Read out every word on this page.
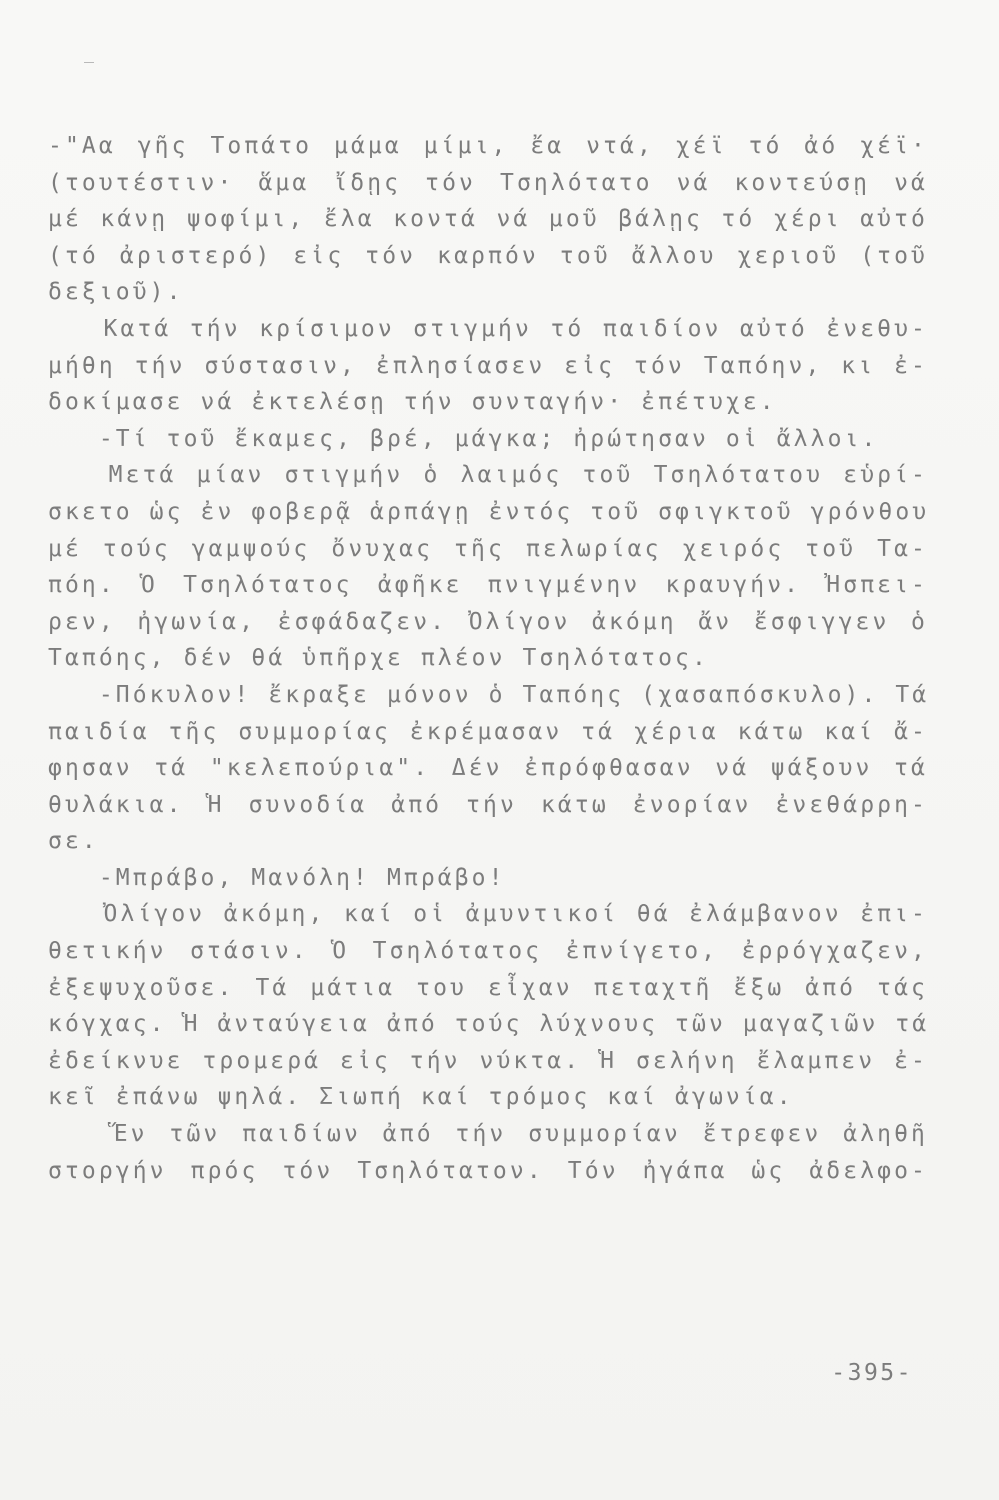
-"Αα γῆς Τοπάτο μάμα μίμι, ἔα ντά, χέϊ τό ἀό χέϊ·
(τουτέστιν· ἅμα ἴδῃς τόν Τσηλότατο νά κοντεύσῃ νά
μέ κάνῃ ψοφίμι, ἔλα κοντά νά μοῦ βάλῃς τό χέρι αὐτό
(τό ἀριστερό) εἰς τόν καρπόν τοῦ ἄλλου χεριοῦ (τοῦ
δεξιοῦ).
Κατά τήν κρίσιμον στιγμήν τό παιδίον αὐτό ἐνεθυ-
μήθη τήν σύστασιν, ἐπλησίασεν εἰς τόν Ταπόην, κι ἐ-
δοκίμασε νά ἐκτελέσῃ τήν συνταγήν· ἐπέτυχε.
-Τί τοῦ ἔκαμες, βρέ, μάγκα; ἠρώτησαν οἱ ἄλλοι.
Μετά μίαν στιγμήν ὁ λαιμός τοῦ Τσηλότατου εὑρί-
σκετο ὡς ἐν φοβερᾷ ἁρπάγῃ ἐντός τοῦ σφιγκτοῦ γρόνθου
μέ τούς γαμψούς ὄνυχας τῆς πελωρίας χειρός τοῦ Τα-
πόη. Ὁ Τσηλότατος ἀφῆκε πνιγμένην κραυγήν. Ἠσπει-
ρεν, ἠγωνία, ἐσφάδαζεν. Ὀλίγον ἀκόμη ἄν ἔσφιγγεν ὁ
Ταπόης, δέν θά ὑπῆρχε πλέον Τσηλότατος.
-Πόκυλον! ἔκραξε μόνον ὁ Ταπόης (χασαπόσκυλο). Τά
παιδία τῆς συμμορίας ἐκρέμασαν τά χέρια κάτω καί ἄ-
φησαν τά "κελεπούρια". Δέν ἐπρόφθασαν νά ψάξουν τά
θυλάκια. Ἡ συνοδία ἀπό τήν κάτω ἐνορίαν ἐνεθάρρη-
σε.
-Μπράβο, Μανόλη! Μπράβο!
Ὀλίγον ἀκόμη, καί οἱ ἀμυντικοί θά ἐλάμβανον ἐπι-
θετικήν στάσιν. Ὁ Τσηλότατος ἐπνίγετο, ἐρρόγχαζεν,
ἐξεψυχοῦσε. Τά μάτια του εἶχαν πεταχτῆ ἔξω ἀπό τάς
κόγχας. Ἡ ἀνταύγεια ἀπό τούς λύχνους τῶν μαγαζιῶν τά
ἐδείκνυε τρομερά εἰς τήν νύκτα. Ἡ σελήνη ἔλαμπεν ἐ-
κεῖ ἐπάνω ψηλά. Σιωπή καί τρόμος καί ἀγωνία.
Ἕν τῶν παιδίων ἀπό τήν συμμορίαν ἔτρεφεν ἀληθῆ
στοργήν πρός τόν Τσηλότατον. Τόν ἠγάπα ὡς ἀδελφο-
-395-
